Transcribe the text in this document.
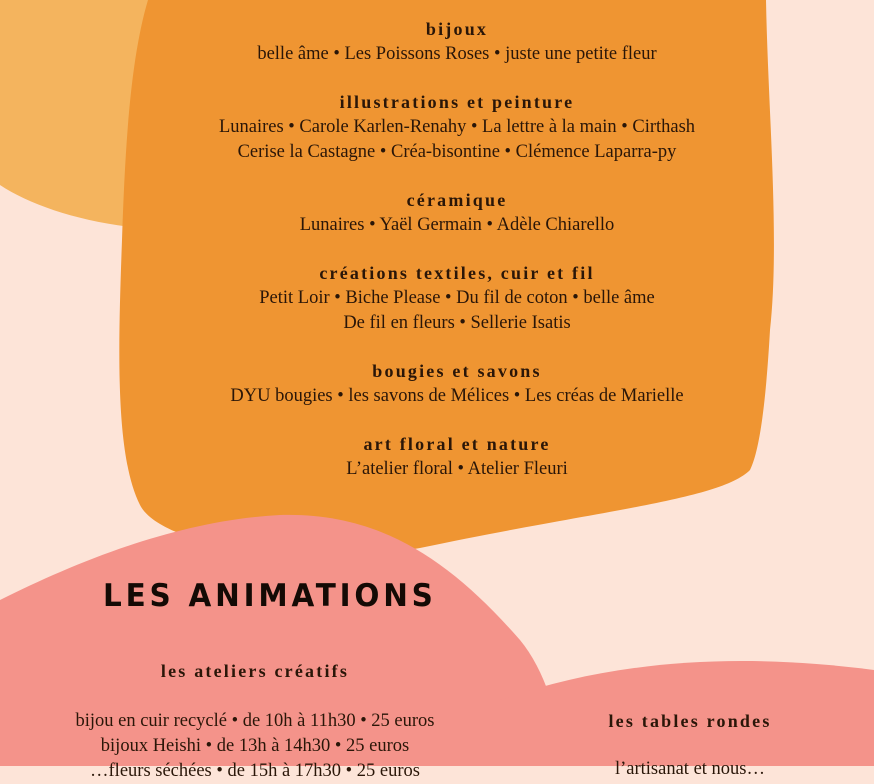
bijoux

belle âme • Les Poissons Roses • juste une petite fleur

illustrations et peinture

Lunaires • Carole Karlen-Renahy • La lettre à la main • Cirthash

Cerise la Castagne • Créa-bisontine • Clémence Laparra-py

céramique

Lunaires • Yaël Germain • Adèle Chiarello

créations textiles, cuir et fil

Petit Loir • Biche Please • Du fil de coton • belle âme

De fil en fleurs • Sellerie Isatis

bougies et savons

DYU bougies • les savons de Mélices • Les créas de Marielle

art floral et nature

L’atelier floral • Atelier Fleuri

LES ANIMATIONS
les ateliers créatifs
bijou en cuir recyclé • de 10h à 11h30 • 25 euros
bijoux Heishi • de 13h à 14h30 • 25 euros
…fleurs séchées • de 15h à 17h30 • 25 euros
les tables rondes

l’artisanat et nous…
